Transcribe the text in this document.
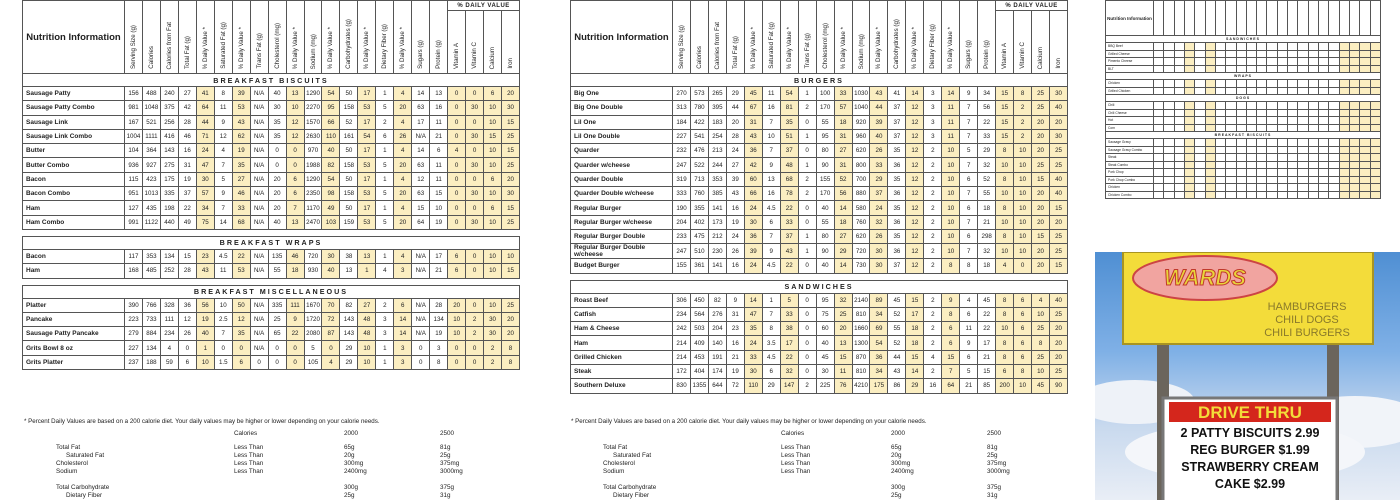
Nutrition Information	Serving Size (g)	Calories	Calories from Fat	Total Fat (g)	% Daily Value *	Saturated Fat (g)	% Daily Value *	Trans Fat (g)	Cholesterol (mg)	% Daily Value *	Sodium (mg)	% Daily Value *	Carbohydrates (g)	% Daily Value *	Dietary Fiber (g)	% Daily Value *	Sugars (g)	Protein (g)	% DAILY VALUE			
																			Vitamin A	Vitamin C	Calcium	Iron
BREAKFAST BISCUITS																						
Sausage Patty	156	488	240	27	41	8	39	N/A	40	13	1290	54	50	17	1	4	14	13	0	0	6	20
Sausage Patty Combo	981	1048	375	42	64	11	53	N/A	30	10	2270	95	158	53	5	20	63	16	0	30	10	30
Sausage Link	167	521	256	28	44	9	43	N/A	35	12	1570	66	52	17	2	4	17	11	0	0	10	15
Sausage Link Combo	1004	1111	416	46	71	12	62	N/A	35	12	2630	110	161	54	6	26	N/A	21	0	30	15	25
Butter	104	364	143	16	24	4	19	N/A	0	0	970	40	50	17	1	4	14	6	4	0	10	15
Butter Combo	936	927	275	31	47	7	35	N/A	0	0	1988	82	158	53	5	20	63	11	0	30	10	25
Bacon	115	423	175	19	30	5	27	N/A	20	6	1290	54	50	17	1	4	12	11	0	0	6	20
Bacon Combo	951	1013	335	37	57	9	46	N/A	20	6	2350	98	158	53	5	20	63	15	0	30	10	30
Ham	127	435	198	22	34	7	33	N/A	20	7	1170	49	50	17	1	4	15	10	0	0	6	15
Ham Combo	991	1122	440	49	75	14	68	N/A	40	13	2470	103	159	53	5	20	64	19	0	30	10	25

BREAKFAST WRAPS																						
Bacon	117	353	134	15	23	4.5	22	N/A	135	46	720	30	38	13	1	4	N/A	17	6	0	10	10
Ham	168	485	252	28	43	11	53	N/A	55	18	930	40	13	1	4	3	N/A	21	6	0	10	15

BREAKFAST MISCELLANEOUS																						
Platter	390	766	328	36	56	10	50	N/A	335	111	1670	70	82	27	2	6	N/A	28	20	0	10	25
Pancake	223	733	111	12	19	2.5	12	N/A	25	9	1720	72	143	48	3	14	N/A	134	10	2	30	20
Sausage Patty Pancake	279	884	234	26	40	7	35	N/A	65	22	2080	87	143	48	3	14	N/A	19	10	2	30	20
Grits Bowl 8 oz	227	134	4	0	1	0	0	N/A	0	0	5	0	29	10	1	3	0	3	0	0	2	8
Grits Platter	237	188	59	6	10	1.5	6	0	0	0	105	4	29	10	1	3	0	8	0	0	2	8
Nutrition Information	Serving Size (g)	Calories	Calories from Fat	Total Fat (g)	% Daily Value *	Saturated Fat (g)	% Daily Value *	Trans Fat (g)	Cholesterol (mg)	% Daily Value *	Sodium (mg)	% Daily Value *	Carbohydrates (g)	% Daily Value *	Dietary Fiber (g)	% Daily Value *	Sugars (g)	Protein (g)	% DAILY VALUE			
																			Vitamin A	Vitamin C	Calcium	Iron
BURGERS																						
Big One	270	573	265	29	45	11	54	1	100	33	1030	43	41	14	3	14	9	34	15	8	25	30
Big One Double	313	780	395	44	67	16	81	2	170	57	1040	44	37	12	3	11	7	56	15	2	25	40
Lil One	184	422	183	20	31	7	35	0	55	18	920	39	37	12	3	11	7	22	15	2	20	20
Lil One Double	227	541	254	28	43	10	51	1	95	31	960	40	37	12	3	11	7	33	15	2	20	30
Quarder	232	476	213	24	36	7	37	0	80	27	620	26	35	12	2	10	5	29	8	10	20	25
Quarder w/cheese	247	522	244	27	42	9	48	1	90	31	800	33	36	12	2	10	7	32	10	10	25	25
Quarder Double	319	713	353	39	60	13	68	2	155	52	700	29	35	12	2	10	6	52	8	10	15	40
Quarder Double w/cheese	333	760	385	43	66	16	78	2	170	56	880	37	36	12	2	10	7	55	10	10	20	40
Regular Burger	190	355	141	16	24	4.5	22	0	40	14	580	24	35	12	2	10	6	18	8	10	20	15
Regular Burger w/cheese	204	402	173	19	30	6	33	0	55	18	760	32	36	12	2	10	7	21	10	10	20	20
Regular Burger Double	233	475	212	24	36	7	37	1	80	27	620	26	35	12	2	10	6	298	8	10	15	25
Regular Burger Double w/cheese	247	510	230	26	39	9	43	1	90	29	720	30	36	12	2	10	7	32	10	10	20	25
Budget Burger	155	361	141	16	24	4.5	22	0	40	14	730	30	37	12	2	8	8	18	4	0	20	15

SANDWICHES																						
Roast Beef	306	450	82	9	14	1	5	0	95	32	2140	89	45	15	2	9	4	45	8	6	4	40
Catfish	234	564	276	31	47	7	33	0	75	25	810	34	52	17	2	8	6	22	8	6	10	25
Ham & Cheese	242	503	204	23	35	8	38	0	60	20	1660	69	55	18	2	6	11	22	10	6	25	20
Ham	214	409	140	16	24	3.5	17	0	40	13	1300	54	52	18	2	6	9	17	8	6	8	20
Grilled Chicken	214	453	191	21	33	4.5	22	0	45	15	870	36	44	15	4	15	6	21	8	6	25	20
Steak	172	404	174	19	30	6	32	0	30	11	810	34	43	14	2	7	5	15	6	8	10	25
Southern Deluxe	830	1355	644	72	110	29	147	2	225	76	4210	175	86	29	16	64	21	85	200	10	45	90
* Percent Daily Values are based on a 200 calorie diet. Your daily values may be higher or lower depending on your calorie needs.	* Percent Daily Values are based on a 200 calorie diet. Your daily values may be higher or lower depending on your calorie needs.
Calories	2000	2500
Total Fat	Less Than	65g	81g
Saturated Fat	Less Than	20g	25g
Cholesterol	Less Than	300mg	375mg
Sodium	Less Than	2400mg	3000mg
Total Carbohydrate	300g	375g
Dietary Fiber	25g	31g
Calories	2000	2500
Total Fat	Less Than	65g	81g
Saturated Fat	Less Than	20g	25g
Cholesterol	Less Than	300mg	375mg
Sodium	Less Than	2400mg	3000mg
Total Carbohydrate	300g	375g
Dietary Fiber	25g	31g
Nutrition Information																						
SANDWICHES																						
BBQ Beef																						
Grilled Cheese																						
Pimento Cheese																						
BLT																						
WRAPS																						
Chicken																						
Grilled Chicken																						
DOGS																						
Chili																						
Chili Cheese																						
Hot																						
Corn																						
BREAKFAST BISCUITS																						
Sausage Gravy																						
Sausage Gravy Combo																						
Steak																						
Steak Combo																						
Pork Chop																						
Pork Chop Combo																						
Chicken																						
Chicken Combo																						
WARDS
HAMBURGERS
CHILI DOGS
CHILI BURGERS
DRIVE THRU
2 PATTY BISCUITS 2.99
REG BURGER $1.99
STRAWBERRY CREAM
CAKE $2.99
